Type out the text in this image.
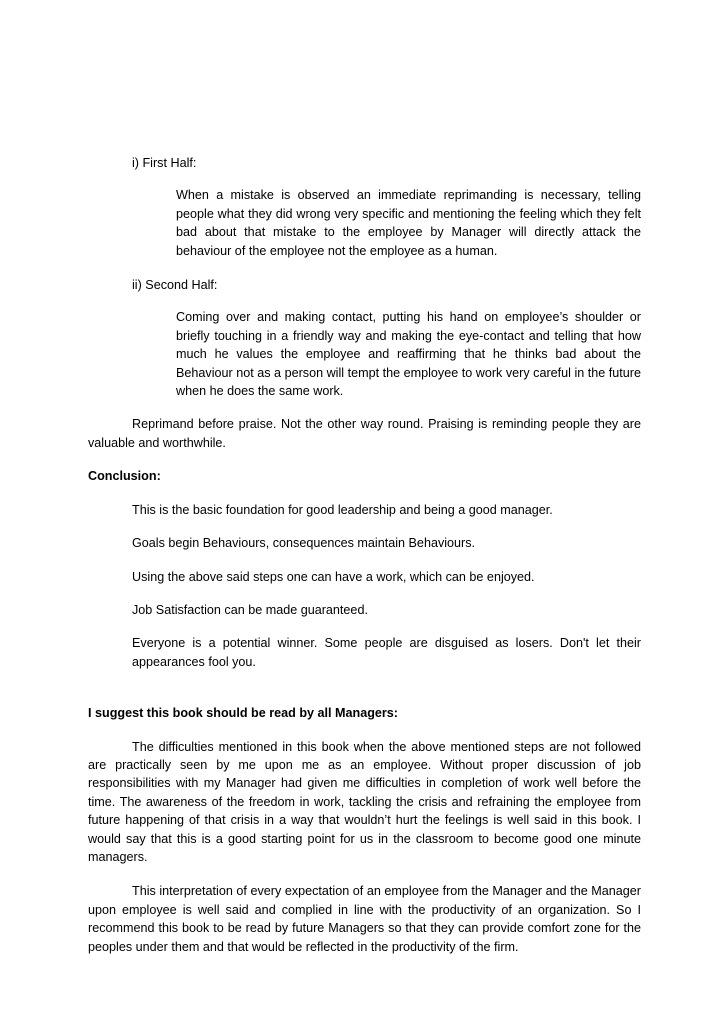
i) First Half:

When a mistake is observed an immediate reprimanding is necessary, telling people what they did wrong very specific and mentioning the feeling which they felt bad about that mistake to the employee by Manager will directly attack the behaviour of the employee not the employee as a human.

ii) Second Half:

Coming over and making contact, putting his hand on employee’s shoulder or briefly touching in a friendly way and making the eye-contact and telling that how much he values the employee and reaffirming that he thinks bad about the Behaviour not as a person will tempt the employee to work very careful in the future when he does the same work.

Reprimand before praise. Not the other way round. Praising is reminding people they are valuable and worthwhile.

Conclusion:

This is the basic foundation for good leadership and being a good manager.

Goals begin Behaviours, consequences maintain Behaviours.

Using the above said steps one can have a work, which can be enjoyed.

Job Satisfaction can be made guaranteed.

Everyone is a potential winner. Some people are disguised as losers. Don't let their appearances fool you.

I suggest this book should be read by all Managers:

The difficulties mentioned in this book when the above mentioned steps are not followed are practically seen by me upon me as an employee. Without proper discussion of job responsibilities with my Manager had given me difficulties in completion of work well before the time. The awareness of the freedom in work, tackling the crisis and refraining the employee from future happening of that crisis in a way that wouldn’t hurt the feelings is well said in this book. I would say that this is a good starting point for us in the classroom to become good one minute managers.

This interpretation of every expectation of an employee from the Manager and the Manager upon employee is well said and complied in line with the productivity of an organization. So I recommend this book to be read by future Managers so that they can provide comfort zone for the peoples under them and that would be reflected in the productivity of the firm.
